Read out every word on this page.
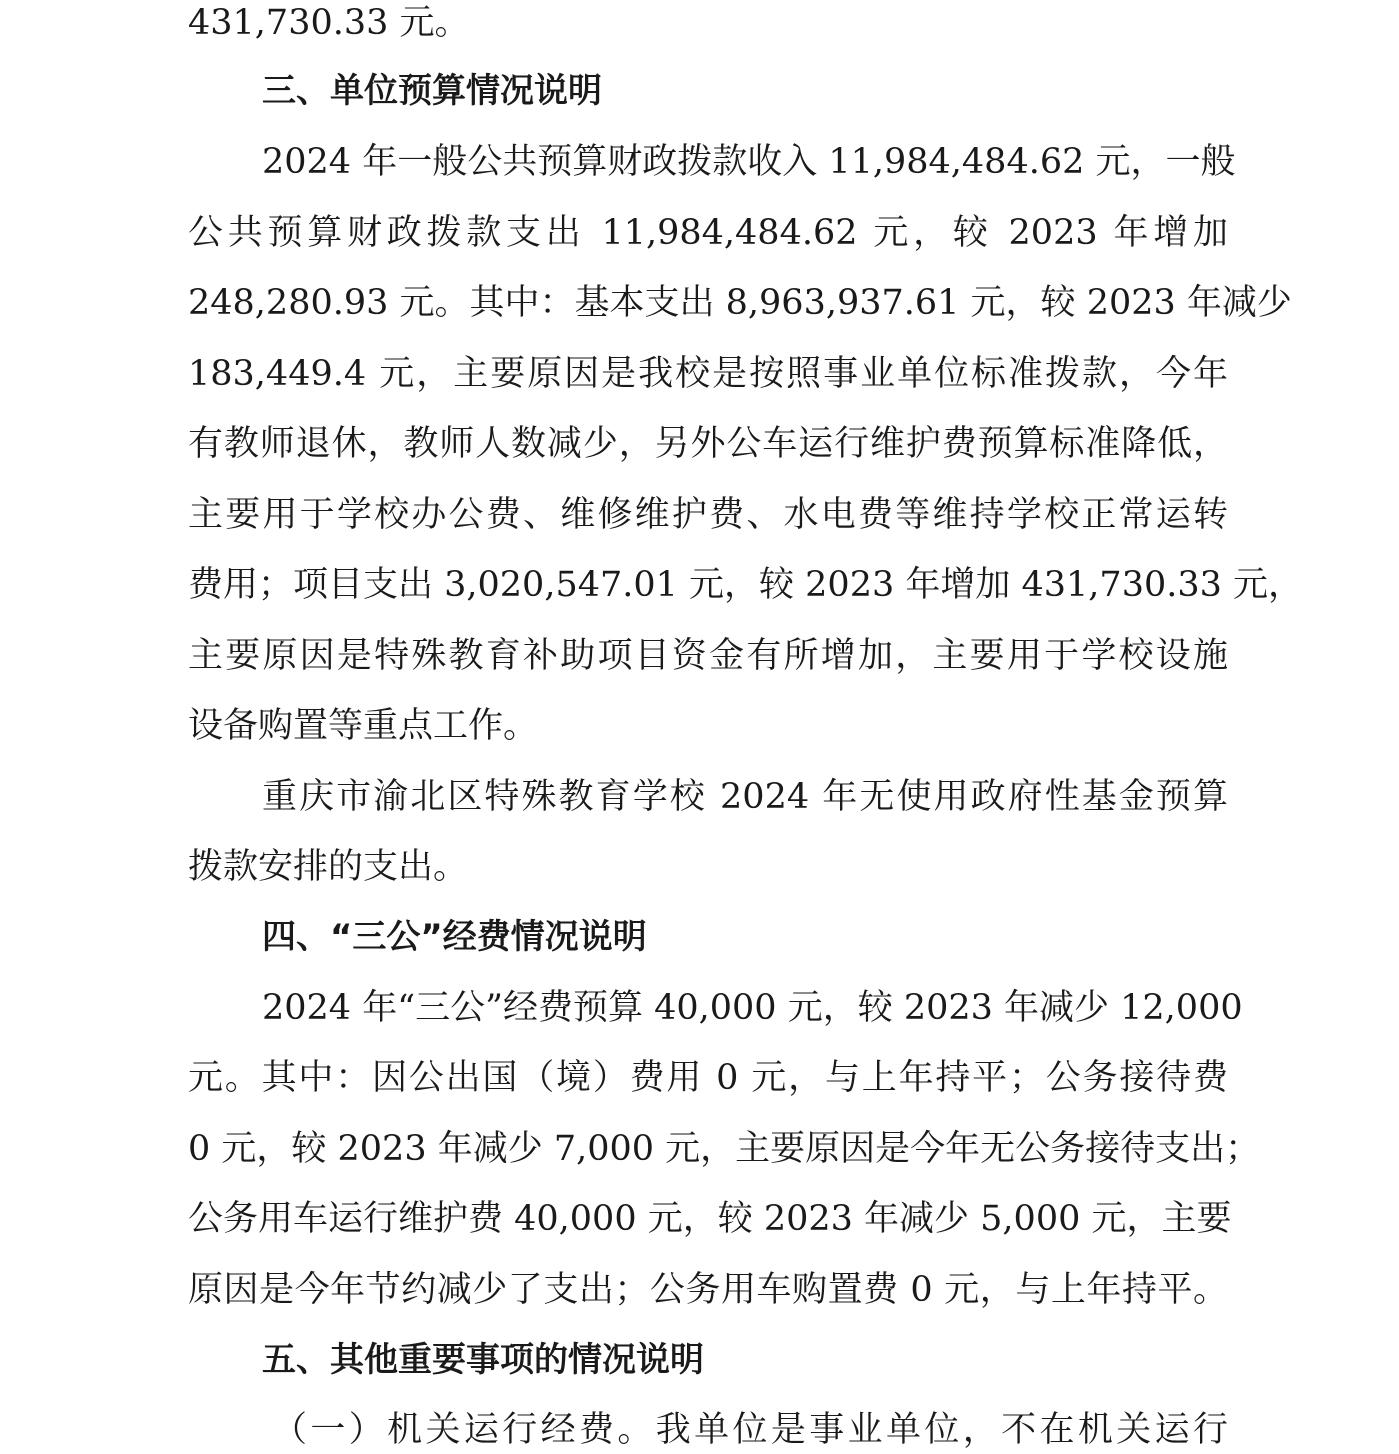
431,730.33 元。
三、单位预算情况说明
2024 年一般公共预算财政拨款收入 11,984,484.62 元，一般
公共预算财政拨款支出 11,984,484.62 元，较 2023 年增加
248,280.93 元。其中：基本支出 8,963,937.61 元，较 2023 年减少
183,449.4 元，主要原因是我校是按照事业单位标准拨款，今年
有教师退休，教师人数减少，另外公车运行维护费预算标准降低，
主要用于学校办公费、维修维护费、水电费等维持学校正常运转
费用；项目支出 3,020,547.01 元，较 2023 年增加 431,730.33 元，
主要原因是特殊教育补助项目资金有所增加，主要用于学校设施
设备购置等重点工作。
重庆市渝北区特殊教育学校 2024 年无使用政府性基金预算
拨款安排的支出。
四、“三公”经费情况说明
2024 年“三公”经费预算 40,000 元，较 2023 年减少 12,000
元。其中：因公出国（境）费用 0 元，与上年持平；公务接待费
0 元，较 2023 年减少 7,000 元，主要原因是今年无公务接待支出；
公务用车运行维护费 40,000 元，较 2023 年减少 5,000 元，主要
原因是今年节约减少了支出；公务用车购置费 0 元，与上年持平。
五、其他重要事项的情况说明
（一）机关运行经费。我单位是事业单位，不在机关运行
